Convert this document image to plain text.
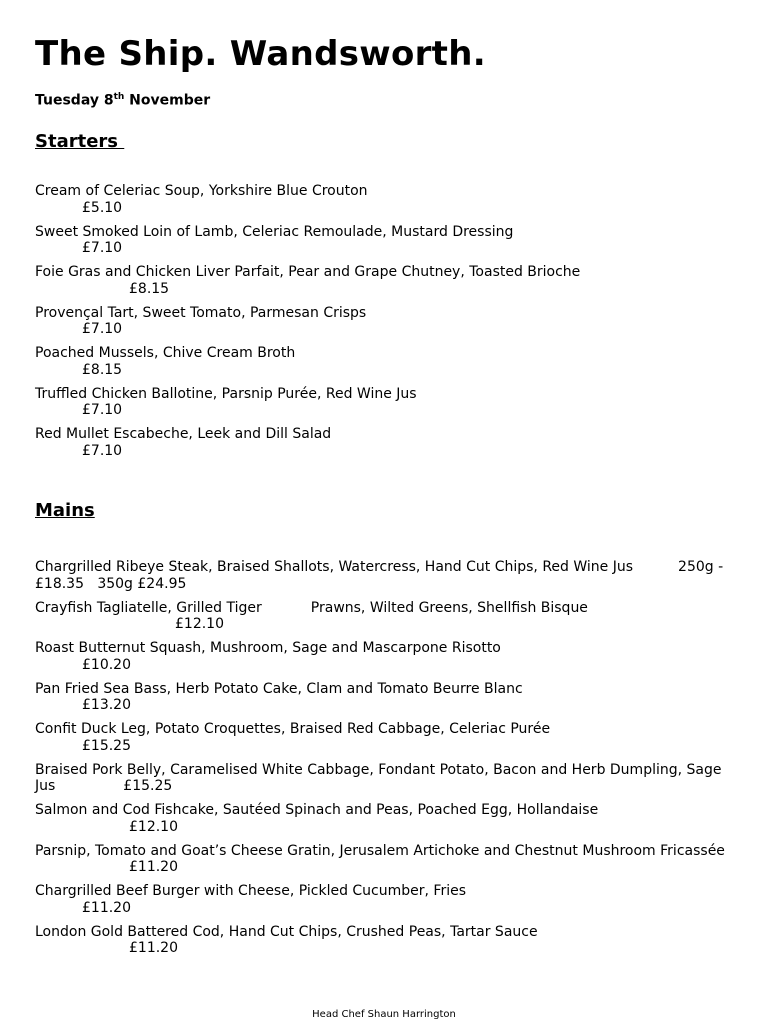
The Ship. Wandsworth.
Tuesday 8th November
Starters
Cream of Celeriac Soup, Yorkshire Blue Crouton
£5.10
Sweet Smoked Loin of Lamb, Celeriac Remoulade, Mustard Dressing
£7.10
Foie Gras and Chicken Liver Parfait, Pear and Grape Chutney, Toasted Brioche
£8.15
Provençal Tart, Sweet Tomato, Parmesan Crisps
£7.10
Poached Mussels, Chive Cream Broth
£8.15
Truffled Chicken Ballotine, Parsnip Purée, Red Wine Jus
£7.10
Red Mullet Escabeche, Leek and Dill Salad
£7.10
Mains
Chargrilled Ribeye Steak, Braised Shallots, Watercress, Hand Cut Chips, Red Wine Jus	250g -
£18.35   350g £24.95
Crayfish Tagliatelle, Grilled Tiger	Prawns, Wilted Greens, Shellfish Bisque
£12.10
Roast Butternut Squash, Mushroom, Sage and Mascarpone Risotto
£10.20
Pan Fried Sea Bass, Herb Potato Cake, Clam and Tomato Beurre Blanc
£13.20
Confit Duck Leg, Potato Croquettes, Braised Red Cabbage, Celeriac Purée
£15.25
Braised Pork Belly, Caramelised White Cabbage, Fondant Potato, Bacon and Herb Dumpling, Sage
Jus	£15.25
Salmon and Cod Fishcake, Sautéed Spinach and Peas, Poached Egg, Hollandaise
£12.10
Parsnip, Tomato and Goat’s Cheese Gratin, Jerusalem Artichoke and Chestnut Mushroom Fricassée
£11.20
Chargrilled Beef Burger with Cheese, Pickled Cucumber, Fries
£11.20
London Gold Battered Cod, Hand Cut Chips, Crushed Peas, Tartar Sauce
£11.20
Head Chef Shaun Harrington
